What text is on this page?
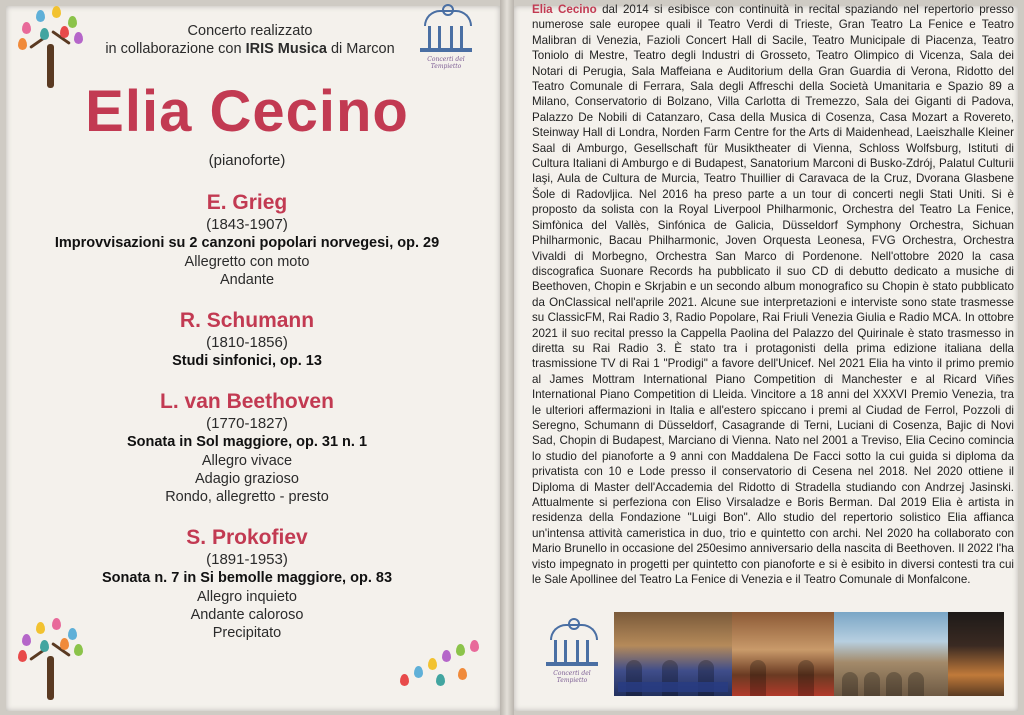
Concerti del Tempietto
Concerto realizzato
in collaborazione con IRIS Musica di Marcon
Elia Cecino
(pianoforte)
E. Grieg
(1843-1907)
Improvvisazioni su 2 canzoni popolari norvegesi, op. 29
Allegretto con moto
Andante
R. Schumann
(1810-1856)
Studi sinfonici, op. 13
L. van Beethoven
(1770-1827)
Sonata in Sol maggiore, op. 31 n. 1
Allegro vivace
Adagio grazioso
Rondo, allegretto - presto
S. Prokofiev
(1891-1953)
Sonata n. 7 in Si bemolle maggiore, op. 83
Allegro inquieto
Andante caloroso
Precipitato
Elia Cecino dal 2014 si esibisce con continuità in recital spaziando nel repertorio presso numerose sale europee quali il Teatro Verdi di Trieste, Gran Teatro La Fenice e Teatro Malibran di Venezia, Fazioli Concert Hall di Sacile, Teatro Municipale di Piacenza, Teatro Toniolo di Mestre, Teatro degli Industri di Grosseto, Teatro Olimpico di Vicenza, Sala dei Notari di Perugia, Sala Maffeiana e Auditorium della Gran Guardia di Verona, Ridotto del Teatro Comunale di Ferrara, Sala degli Affreschi della Società Umanitaria e Spazio 89 a Milano, Conservatorio di Bolzano, Villa Carlotta di Tremezzo, Sala dei Giganti di Padova, Palazzo De Nobili di Catanzaro, Casa della Musica di Cosenza, Casa Mozart a Rovereto, Steinway Hall di Londra, Norden Farm Centre for the Arts di Maidenhead, Laeiszhalle Kleiner Saal di Amburgo, Gesellschaft für Musiktheater di Vienna, Schloss Wolfsburg, Istituti di Cultura Italiani di Amburgo e di Budapest, Sanatorium Marconi di Busko-Zdrój, Palatul Culturii Iaşi, Aula de Cultura de Murcia, Teatro Thuillier di Caravaca de la Cruz, Dvorana Glasbene Šole di Radovljica. Nel 2016 ha preso parte a un tour di concerti negli Stati Uniti. Si è proposto da solista con la Royal Liverpool Philharmonic, Orchestra del Teatro La Fenice, Simfònica del Vallès, Sinfónica de Galicia, Düsseldorf Symphony Orchestra, Sichuan Philharmonic, Bacau Philharmonic, Joven Orquesta Leonesa, FVG Orchestra, Orchestra Vivaldi di Morbegno, Orchestra San Marco di Pordenone. Nell'ottobre 2020 la casa discografica Suonare Records ha pubblicato il suo CD di debutto dedicato a musiche di Beethoven, Chopin e Skrjabin e un secondo album monografico su Chopin è stato pubblicato da OnClassical nell'aprile 2021. Alcune sue interpretazioni e interviste sono state trasmesse su ClassicFM, Rai Radio 3, Radio Popolare, Rai Friuli Venezia Giulia e Radio MCA. In ottobre 2021 il suo recital presso la Cappella Paolina del Palazzo del Quirinale è stato trasmesso in diretta su Rai Radio 3. È stato tra i protagonisti della prima edizione italiana della trasmissione TV di Rai 1 "Prodigi" a favore dell'Unicef. Nel 2021 Elia ha vinto il primo premio al James Mottram International Piano Competition di Manchester e al Ricard Viñes International Piano Competition di Lleida. Vincitore a 18 anni del XXXVI Premio Venezia, tra le ulteriori affermazioni in Italia e all'estero spiccano i premi al Ciudad de Ferrol, Pozzoli di Seregno, Schumann di Düsseldorf, Casagrande di Terni, Luciani di Cosenza, Bajic di Novi Sad, Chopin di Budapest, Marciano di Vienna. Nato nel 2001 a Treviso, Elia Cecino comincia lo studio del pianoforte a 9 anni con Maddalena De Facci sotto la cui guida si diploma da privatista con 10 e Lode presso il conservatorio di Cesena nel 2018. Nel 2020 ottiene il Diploma di Master dell'Accademia del Ridotto di Stradella studiando con Andrzej Jasinski. Attualmente si perfeziona con Eliso Virsaladze e Boris Berman. Dal 2019 Elia è artista in residenza della Fondazione "Luigi Bon". Allo studio del repertorio solistico Elia affianca un'intensa attività cameristica in duo, trio e quintetto con archi. Nel 2020 ha collaborato con Mario Brunello in occasione del 250esimo anniversario della nascita di Beethoven. Il 2022 l'ha visto impegnato in progetti per quintetto con pianoforte e si è esibito in diversi contesti tra cui le Sale Apollinee del Teatro La Fenice di Venezia e il Teatro Comunale di Monfalcone.
Concerti del Tempietto
